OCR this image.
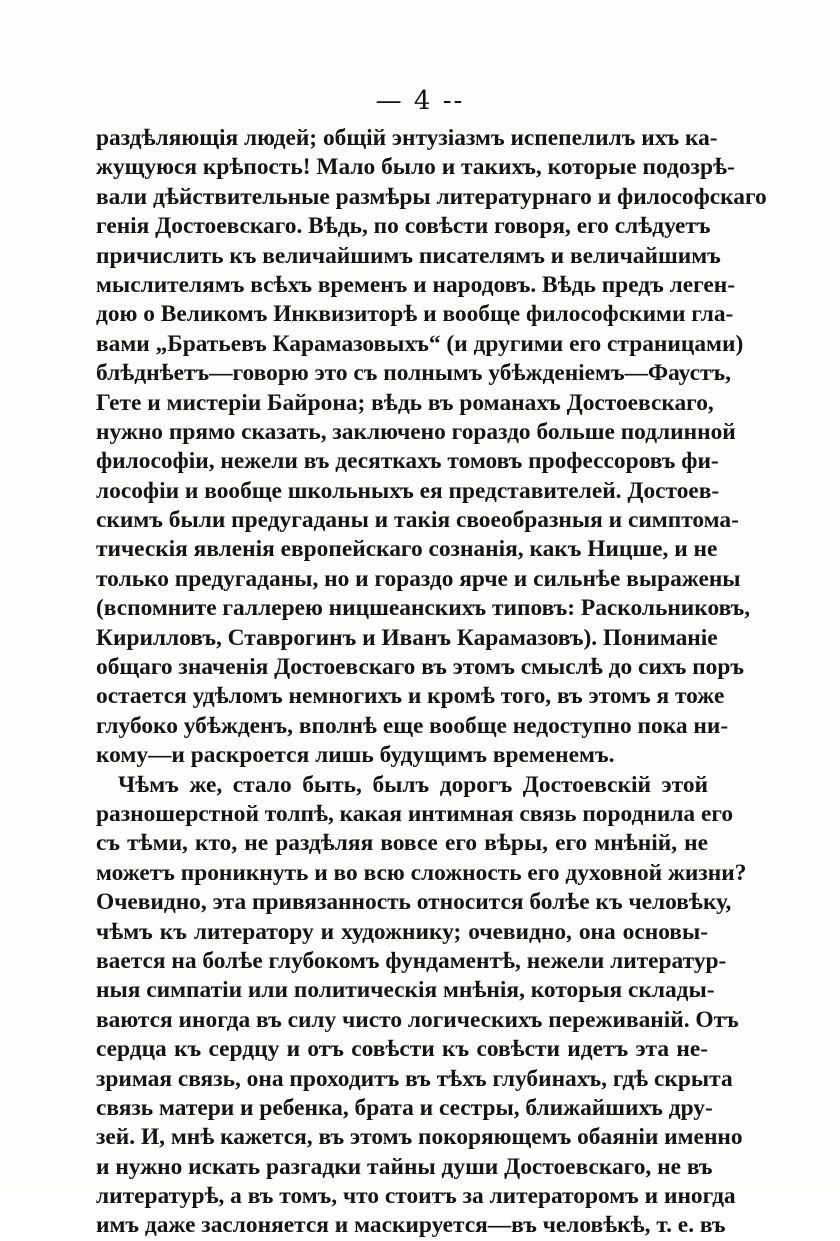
— 4 --
раздѣляющія людей; общій энтузіазмъ испепелилъ ихъ ка-
жущуюся крѣпость! Мало было и такихъ, которые подозрѣ-
вали дѣйствительные размѣры литературнаго и философскаго
генія Достоевскаго. Вѣдь, по совѣсти говоря, его слѣдуетъ
причислить къ величайшимъ писателямъ и величайшимъ
мыслителямъ всѣхъ временъ и народовъ. Вѣдь предъ леген-
дою о Великомъ Инквизиторѣ и вообще философскими гла-
вами „Братьевъ Карамазовыхъ“ (и другими его страницами)
блѣднѣетъ—говорю это съ полнымъ убѣжденіемъ—Фаустъ,
Гете и мистеріи Байрона; вѣдь въ романахъ Достоевскаго,
нужно прямо сказать, заключено гораздо больше подлинной
философіи, нежели въ десяткахъ томовъ профессоровъ фи-
лософіи и вообще школьныхъ ея представителей. Достоев-
скимъ были предугаданы и такія своеобразныя и симптома-
тическія явленія европейскаго сознанія, какъ Ницше, и не
только предугаданы, но и гораздо ярче и сильнѣе выражены
(вспомните галлерею ницшеанскихъ типовъ: Раскольниковъ,
Кирилловъ, Ставрогинъ и Иванъ Карамазовъ). Пониманіе
общаго значенія Достоевскаго въ этомъ смыслѣ до сихъ поръ
остается удѣломъ немногихъ и кромѣ того, въ этомъ я тоже
глубоко убѣжденъ, вполнѣ еще вообще недоступно пока ни-
кому—и раскроется лишь будущимъ временемъ.
Чѣмъ же, стало быть, былъ дорогъ Достоевскій этой
разношерстной толпѣ, какая интимная связь породнила его
съ тѣми, кто, не раздѣляя вовсе его вѣры, его мнѣній, не
можетъ проникнуть и во всю сложность его духовной жизни?
Очевидно, эта привязанность относится болѣе къ человѣку,
чѣмъ къ литератору и художнику; очевидно, она основы-
вается на болѣе глубокомъ фундаментѣ, нежели литератур-
ныя симпатіи или политическія мнѣнія, которыя склады-
ваются иногда въ силу чисто логическихъ переживаній. Отъ
сердца къ сердцу и отъ совѣсти къ совѣсти идетъ эта не-
зримая связь, она проходитъ въ тѣхъ глубинахъ, гдѣ скрыта
связь матери и ребенка, брата и сестры, ближайшихъ дру-
зей. И, мнѣ кажется, въ этомъ покоряющемъ обаяніи именно
и нужно искать разгадки тайны души Достоевскаго, не въ
литературѣ, а въ томъ, что стоитъ за литераторомъ и иногда
имъ даже заслоняется и маскируется—въ человѣкѣ, т. е. въ
